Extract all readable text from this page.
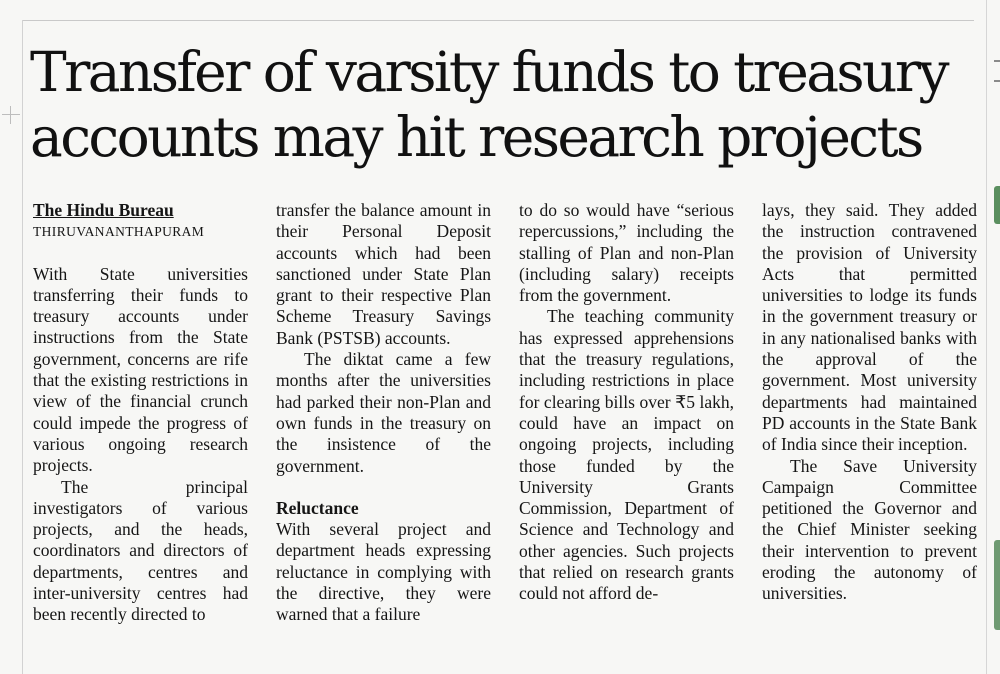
Transfer of varsity funds to treasury
accounts may hit research projects
The Hindu Bureau
THIRUVANANTHAPURAM

With State universities transferring their funds to treasury accounts under instructions from the State government, concerns are rife that the existing restrictions in view of the financial crunch could impede the progress of various ongoing research projects.

The principal investigators of various projects, and the heads, coordinators and directors of departments, centres and inter-university centres had been recently directed to

transfer the balance amount in their Personal Deposit accounts which had been sanctioned under State Plan grant to their respective Plan Scheme Treasury Savings Bank (PSTSB) accounts.

The diktat came a few months after the universities had parked their non-Plan and own funds in the treasury on the insistence of the government.

Reluctance

With several project and department heads expressing reluctance in complying with the directive, they were warned that a failure

to do so would have “serious repercussions,” including the stalling of Plan and non-Plan (including salary) receipts from the government.

The teaching community has expressed apprehensions that the treasury regulations, including restrictions in place for clearing bills over ₹5 lakh, could have an impact on ongoing projects, including those funded by the University Grants Commission, Department of Science and Technology and other agencies. Such projects that relied on research grants could not afford de-

lays, they said. They added the instruction contravened the provision of University Acts that permitted universities to lodge its funds in the government treasury or in any nationalised banks with the approval of the government. Most university departments had maintained PD accounts in the State Bank of India since their inception.

The Save University Campaign Committee petitioned the Governor and the Chief Minister seeking their intervention to prevent eroding the autonomy of universities.
